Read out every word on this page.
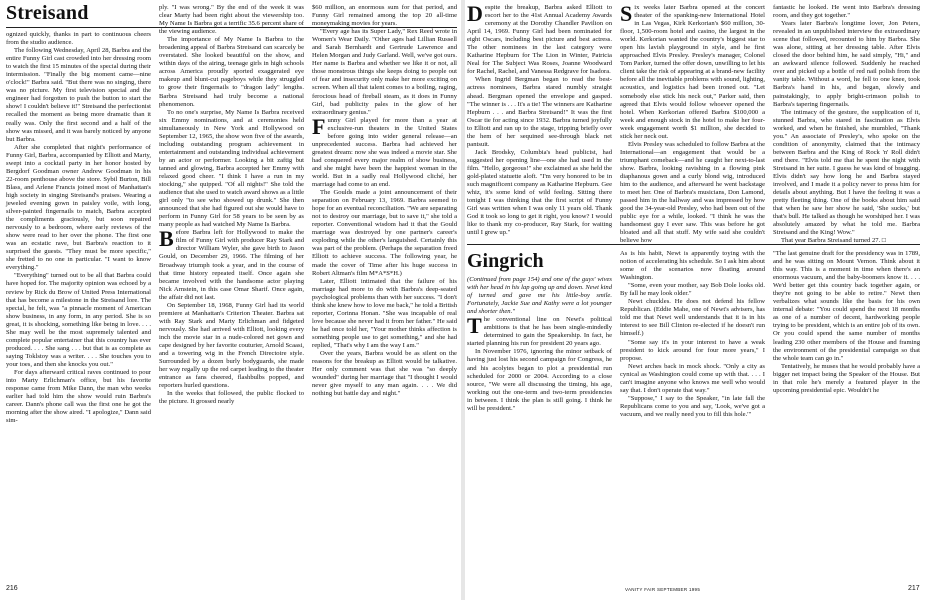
Streisand

ognized quickly, thanks in part to continuous cheers from the studio audience.

The following Wednesday, April 28, Barbra and the entire Funny Girl cast crowded into her dressing room to watch the first 15 minutes of the special during their intermission. "Finally the big moment came—nine o'clock!" Barbra said. "But there was no singing, there was no picture. My first television special and the engineer had forgotten to push the button to start the show! I couldn't believe it!" Streisand the perfectionist recalled the moment as being more dramatic than it really was. Only the first second and a half of the show was missed, and it was barely noticed by anyone but Barbra.

After she completed that night's performance of Funny Girl, Barbra, accompanied by Elliott and Marty, swept into a cocktail party in her honor hosted by Bergdorf Goodman owner Andrew Goodman in his 22-room penthouse above the store. Sybil Burton, Bill Blass, and Arlene Francis joined most of Manhattan's high society in singing Streisand's praises. Wearing a jeweled evening gown in paisley voile, with long, silver-painted fingernails to match, Barbra accepted the compliments graciously, but soon repaired nervously to a bedroom, where early reviews of the show were read to her over the phone. The first one was an ecstatic rave, but Barbra's reaction to it surprised the guests. "They must be more specific," she fretted to no one in particular. "I want to know everything."

"Everything" turned out to be all that Barbra could have hoped for. The majority opinion was echoed by a review by Rick du Brow of United Press International that has become a milestone in the Streisand lore. The special, he felt, was "a pinnacle moment of American show business, in any form, in any period. She is so great, it is shocking, something like being in love. . . . She may well be the most supremely talented and complete popular entertainer that this country has ever produced. . . . She sang . . . but that is as complete as saying Toklstoy was a writer. . . . She touches you to your toes, and then she knocks you out."

For days afterward critical raves continued to pour into Marty Erlichman's office, but his favorite response came from Mike Dann, the man who weeks earlier had told him the show would ruin Barbra's career. Dann's phone call was the first one he got the morning after the show aired. "I apologize," Dann said sim-

ply. "I was wrong." By the end of the week it was clear Marty had been right about the viewership too. My Name Is Barbra got a terrific 35.6 percent share of the viewing audience.

The importance of My Name Is Barbra to the broadening appeal of Barbra Streisand can scarcely be overstated. She looked beautiful on the show, and within days of the airing, teenage girls in high schools across America proudly sported exaggerated eye makeup and blunt-cut pageboys while they struggled to grow their fingernails to "dragon lady" lengths. Barbra Streisand had truly become a national phenomenon.

To no one's surprise, My Name Is Barbra received six Emmy nominations, and at ceremonies held simultaneously in New York and Hollywood on September 12, 1965, the show won five of the awards, including outstanding program achievement in entertainment and outstanding individual achievement by an actor or performer. Looking a bit zaftig but tanned and glowing, Barbra accepted her Emmy with relaxed good cheer. "I think I have a run in my stocking," she quipped. "Of all nights!" She told the audience that she used to watch award shows as a little girl only "to see who showed up drunk." She then announced that she had figured out she would have to perform in Funny Girl for 58 years to be seen by as many people as had watched My Name Is Barbra.

Before Barbra left for Hollywood to make the film of Funny Girl with producer Ray Stark and director William Wyler, she gave birth to Jason Gould, on December 29, 1966. The filming of her Broadway triumph took a year, and in the course of that time history repeated itself. Once again she became involved with the handsome actor playing Nick Arnstein, in this case Omar Sharif. Once again, the affair did not last.

On September 18, 1968, Funny Girl had its world premiere at Manhattan's Criterion Theater. Barbra sat with Ray Stark and Marty Erlichman and fidgeted nervously. She had arrived with Elliott, looking every inch the movie star in a nude-colored net gown and cape designed by her favorite couturier, Arnold Scaasi, and a towering wig in the French Directoire style. Surrounded by a dozen burly bodyguards, she made her way regally up the red carpet leading to the theater entrance as fans cheered, flashbulbs popped, and reporters hurled questions.

In the weeks that followed, the public flocked to the picture. It grossed nearly

$60 million, an enormous sum for that period, and Funny Girl remained among the top 20 all-time moneymaking movies for years.

"Every age has its Super Lady," Rex Reed wrote in Women's Wear Daily. "Other ages had Lillian Russell and Sarah Bernhardt and Gertrude Lawrence and Helen Morgan and Judy Garland. Well, we've got ours. Her name is Barbra and whether we like it or not, all those monstrous things she keeps doing to people out of fear and insecurity only make her more exciting on screen. When all that talent comes to a boiling, raging, ferocious head of fireball steam, as it does in Funny Girl, bad publicity pales in the glow of her extraordinary genius."

Funny Girl played for more than a year at exclusive-run theaters in the United States before going into wider general release—an unprecedented success. Barbra had achieved her greatest dream: now she was indeed a movie star. She had conquered every major realm of show business, and she might have been the happiest woman in the world. But in a sadly real Hollywood cliché, her marriage had come to an end.

The Goulds made a joint announcement of their separation on February 13, 1969. Barbra seemed to hope for an eventual reconciliation. "We are separating not to destroy our marriage, but to save it," she told a reporter. Conventional wisdom had it that the Gould marriage was destroyed by one partner's career's exploding while the other's languished. Certainly this was part of the problem. (Perhaps the separation freed Elliott to achieve success. The following year, he made the cover of Time after his huge success in Robert Altman's film M*A*S*H.)

Later, Elliott intimated that the failure of his marriage had more to do with Barbra's deep-seated psychological problems than with her success. "I don't think she knew how to love me back," he told a British reporter, Corinna Honan. "She was incapable of real love because she never had it from her father." He said he had once told her, "Your mother thinks affection is something people use to get something," and she had replied, "That's why I am the way I am."

Over the years, Barbra would be as silent on the reasons for the breakup as Elliott would be talkative. Her only comment was that she was "so deeply wounded" during her marriage that "I thought I would never give myself to any man again. . . . We did nothing but battle day and night."

216

Despite the breakup, Barbra asked Elliott to escort her to the 41st Annual Academy Awards ceremony at the Dorothy Chandler Pavilion on April 14, 1969. Funny Girl had been nominated for eight Oscars, including best picture and best actress. The other nominees in the last category were Katharine Hepburn for The Lion in Winter, Patricia Neal for The Subject Was Roses, Joanne Woodward for Rachel, Rachel, and Vanessa Redgrave for Isadora.

When Ingrid Bergman began to read the best-actress nominees, Barbra stared numbly straight ahead. Bergman opened the envelope and gasped. "The winner is . . . It's a tie! The winners are Katharine Hepburn . . . and Barbra Streisand!" It was the first Oscar tie for acting since 1932. Barbra turned joyfully to Elliott and ran up to the stage, tripping briefly over the hem of her sequined see-through black net pantsuit.

Jack Brodsky, Columbia's head publicist, had suggested her opening line—one she had used in the film. "Hello, gorgeous!" she exclaimed as she held the gold-plated statuette aloft. "I'm very honored to be in such magnificent company as Katharine Hepburn. Gee whiz, it's some kind of wild feeling. Sitting there tonight I was thinking that the first script of Funny Girl was written when I was only 11 years old. Thank God it took so long to get it right, you know? I would like to thank my co-producer, Ray Stark, for waiting until I grew up."

Six weeks later Barbra opened at the concert theater of the spanking-new International Hotel in Las Vegas, Kirk Kerkorian's $60 million, 30-floor, 1,500-room hotel and casino, the largest in the world. Kerkorian wanted the country's biggest star to open his lavish playground in style, and he first approached Elvis Presley. Presley's manager, Colonel Tom Parker, turned the offer down, unwilling to let his client take the risk of appearing at a brand-new facility before all the inevitable problems with sound, lighting, acoustics, and logistics had been ironed out. "Let somebody else stick his neck out," Parker said, then agreed that Elvis would follow whoever opened the hotel. When Kerkorian offered Barbra $100,000 a week and enough stock in the hotel to make her four-week engagement worth $1 million, she decided to stick her neck out.

Elvis Presley was scheduled to follow Barbra at the International—an engagement that would be a triumphant comeback—and he caught her next-to-last show. Barbra, looking ravishing in a flowing pink diaphanous gown and a curly blond wig, introduced him to the audience, and afterward he went backstage to meet her. One of Barbra's musicians, Don Lamond, passed him in the hallway and was impressed by how good the 34-year-old Presley, who had been out of the public eye for a while, looked. "I think he was the handsomest guy I ever saw. This was before he got bloated and all that stuff. My wife said she couldn't believe how

fantastic he looked. He went into Barbra's dressing room, and they got together."

Years later Barbra's longtime lover, Jon Peters, revealed in an unpublished interview the extraordinary scene that followed, recounted to him by Barbra. She was alone, sitting at her dressing table. After Elvis closed the door behind him, he said simply, "Hi," and an awkward silence followed. Suddenly he reached over and picked up a bottle of red nail polish from the vanity table. Without a word, he fell to one knee, took Barbra's hand in his, and began, slowly and painstakingly, to apply bright-crimson polish to Barbra's tapering fingernails.

The intimacy of the gesture, the supplication of it, stunned Barbra, who stared in fascination as Elvis worked, and when he finished, she mumbled, "Thank you." An associate of Presley's, who spoke on the condition of anonymity, claimed that the intimacy between Barbra and the King of Rock 'n' Roll didn't end there. "Elvis told me that he spent the night with Streisand in her suite. I guess he was kind of bragging. Elvis didn't say how long he and Barbra stayed involved, and I made it a policy never to press him for details about anything. But I have the feeling it was a pretty fleeting thing. One of the books about him said that when he saw her show he said, 'She sucks,' but that's bull. He talked as though he worshiped her. I was absolutely amazed by what he told me. Barbra Streisand and the King! Wow."

That year Barbra Streisand turned 27. □

Gingrich

(Continued from page 154) and one of the guys' wives with her head in his lap going up and down. Newt kind of turned and gave me his little-boy smile. Fortunately, Jackie Sue and Kathy were a lot younger and shorter then."

The conventional line on Newt's political ambitions is that he has been single-mindedly determined to gain the Speakership. In fact, he started planning his run for president 20 years ago.

In November 1976, ignoring the minor setback of having just lost his second campaign for Congress, he and his acolytes began to plot a presidential run scheduled for 2000 or 2004. According to a close source, "We were all discussing the timing, his age, working out the one-term and two-term presidencies in between. I think the plan is still going. I think he will be president."

As is his habit, Newt is apparently toying with the notion of accelerating his schedule. So I ask him about some of the scenarios now floating around Washington.

"Some, even your mother, say Bob Dole looks old. By fall he may look older."

Newt chuckles. He does not defend his fellow Republican. (Eddie Mahe, one of Newt's advisers, has told me that Newt well understands that it is in his interest to see Bill Clinton re-elected if he doesn't run himself.)

"Some say it's in your interest to have a weak president to kick around for four more years," I propose.

Newt arches back in mock shock. "Only a city as cynical as Washington could come up with that. . . . I can't imagine anyone who knows me well who would say that. I don't operate that way."

"Suppose," I say to the Speaker, "in late fall the Republicans come to you and say, 'Look, we've got a vacuum, and we really need you to fill this hole.'"

"The last genuine draft for the presidency was in 1789, and he was sitting on Mount Vernon. Think about it this way. This is a moment in time when there's an enormous vacuum, and the baby-boomers know it. . . . We'd better get this country back together again, or they're not going to be able to retire." Newt then verbalizes what sounds like the basis for his own internal debate: "You could spend the next 18 months as one of a number of decent, hardworking people trying to be president, which is an entire job of its own. Or you could spend the same number of months leading 230 other members of the House and framing the environment of the presidential campaign so that the whole team can go in."

Tentatively, he muses that he would probably have a bigger net impact being the Speaker of the House. But in that role he's merely a featured player in the upcoming presidential epic. Wouldn't he

VANITY FAIR SEPTEMBER 1995	217
